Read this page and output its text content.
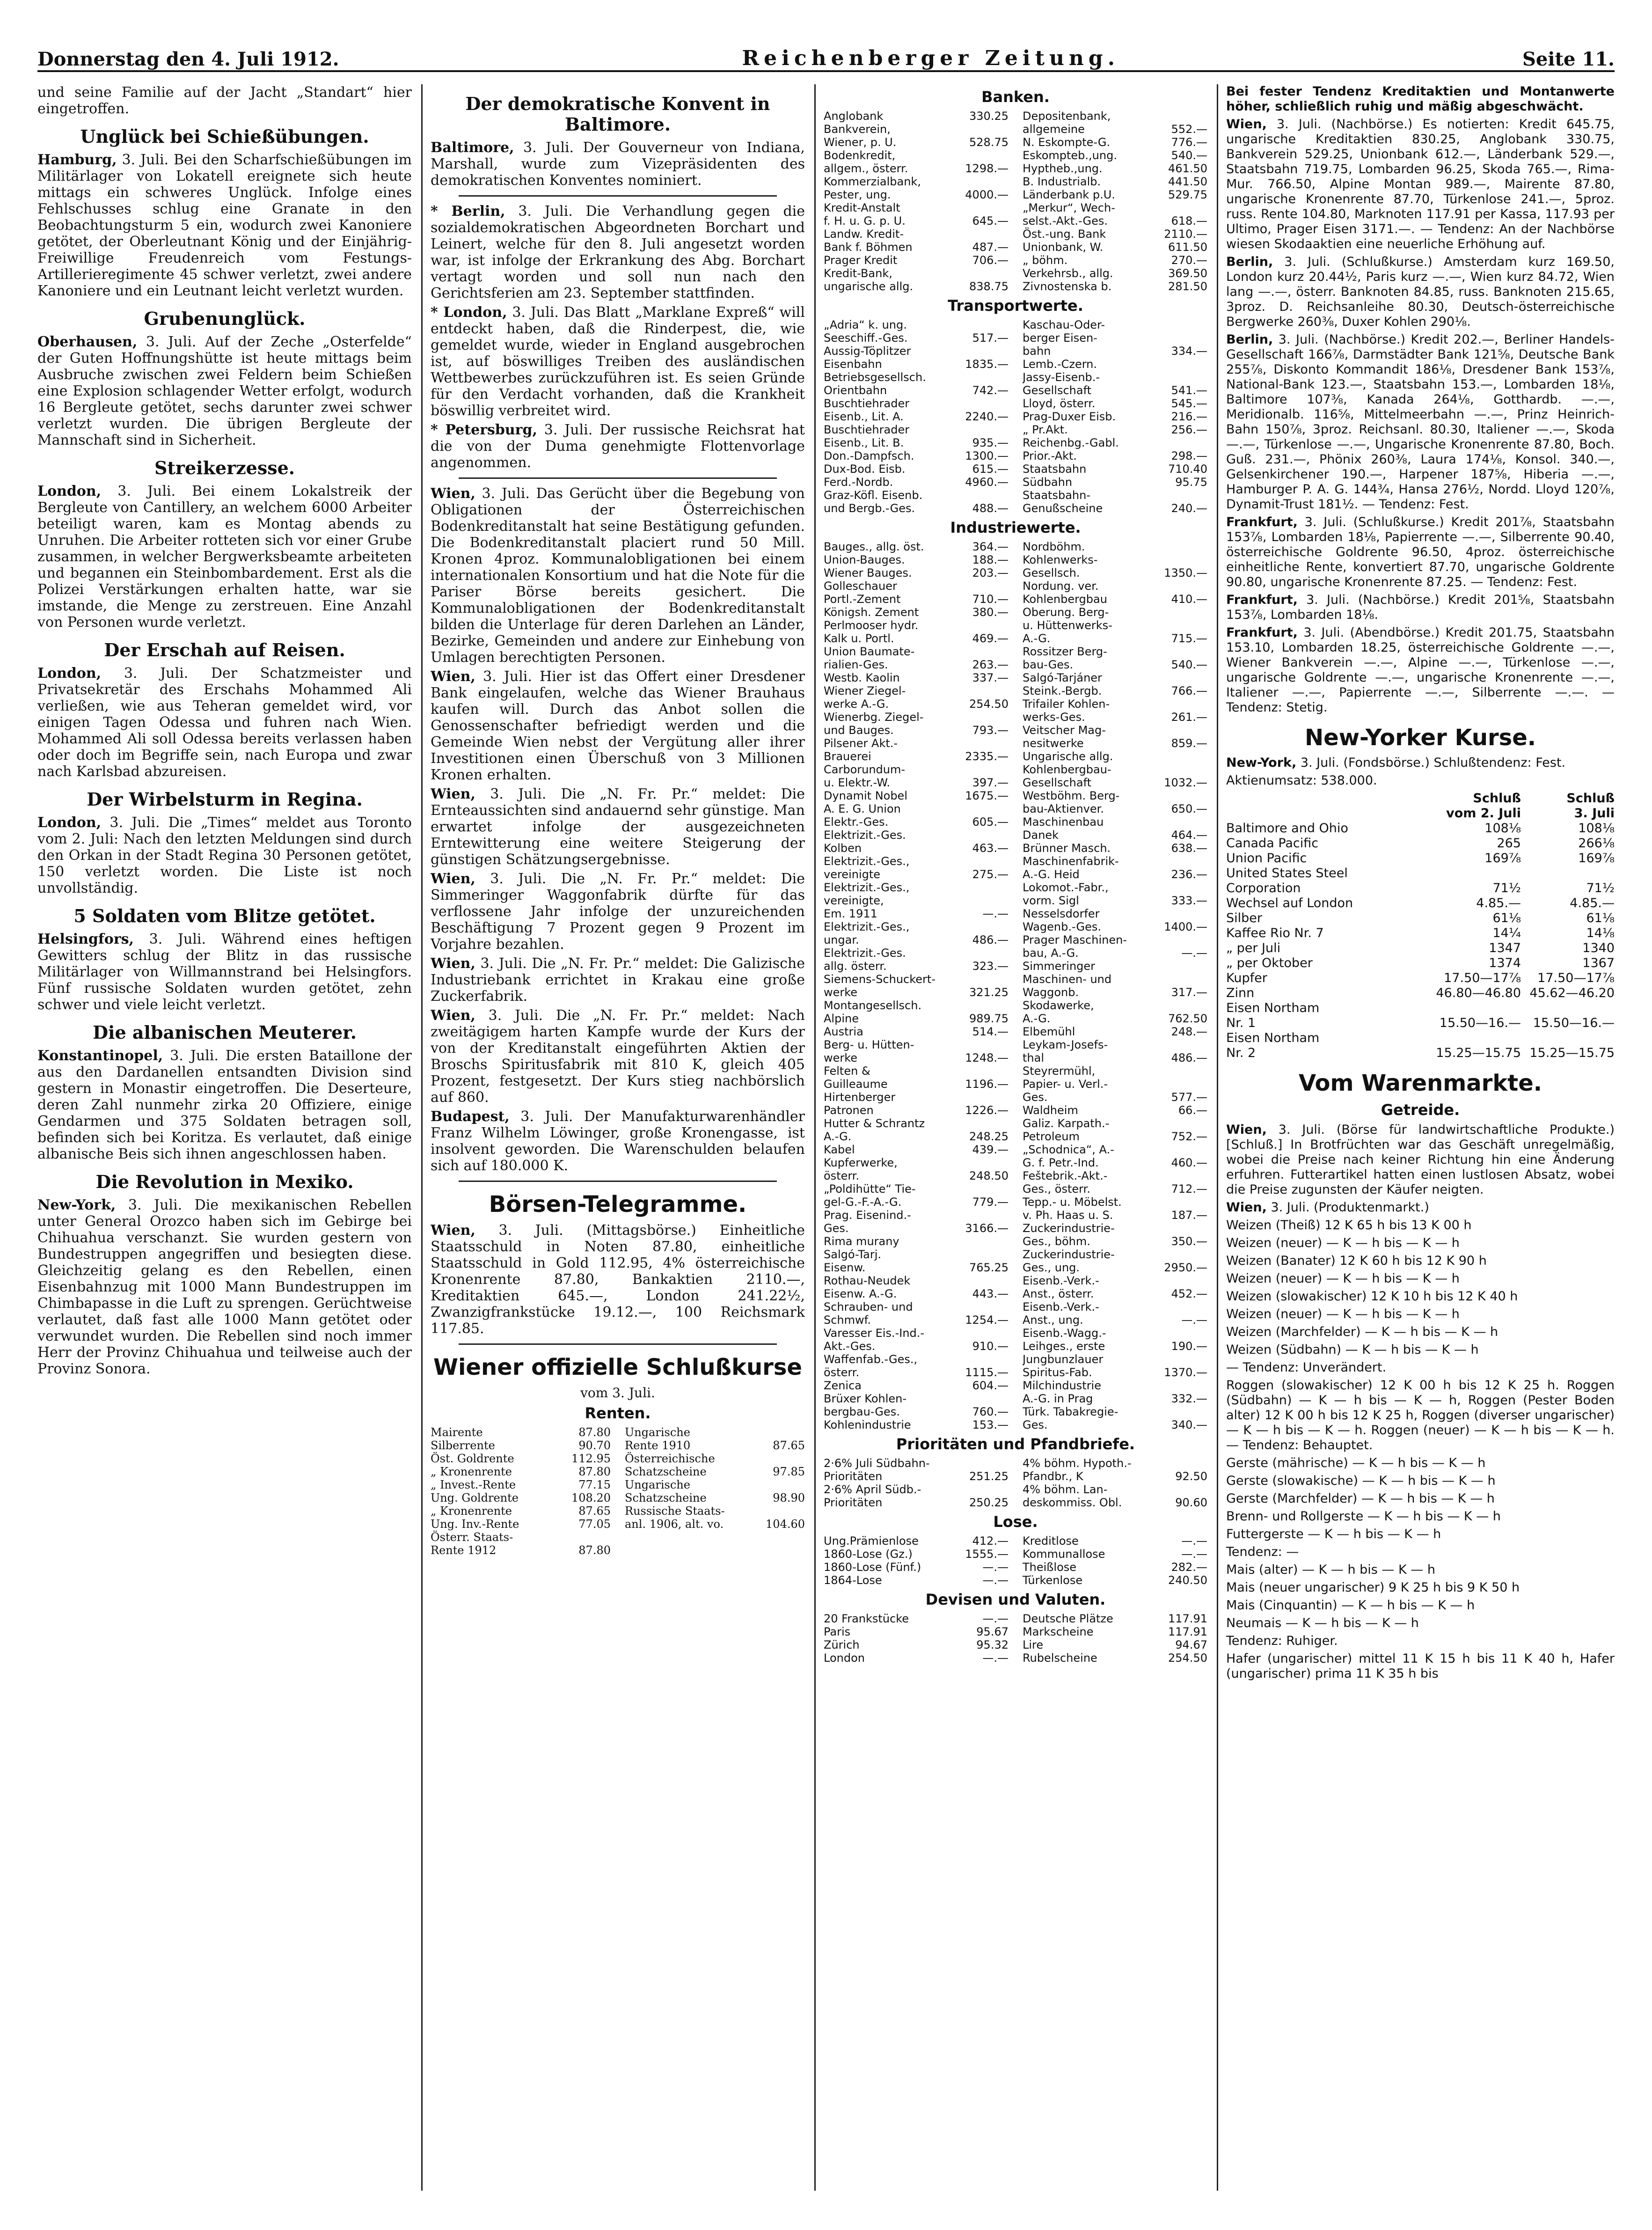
Donnerstag den 4. Juli 1912.	Reichenberger Zeitung.	Seite 11.

und seine Familie auf der Jacht „Standart“ hier eingetroffen.

Unglück bei Schießübungen.

Hamburg, 3. Juli. Bei den Scharfschießübungen im Militärlager von Lokatell ereignete sich heute mittags ein schweres Unglück. Infolge eines Fehlschusses schlug eine Granate in den Beobachtungsturm 5 ein, wodurch zwei Kanoniere getötet, der Oberleutnant König und der Einjährig-Freiwillige Freudenreich vom Festungs-Artillerieregimente 45 schwer verletzt, zwei andere Kanoniere und ein Leutnant leicht verletzt wurden.

Grubenunglück.

Oberhausen, 3. Juli. Auf der Zeche „Osterfelde“ der Guten Hoffnungshütte ist heute mittags beim Ausbruche zwischen zwei Feldern beim Schießen eine Explosion schlagender Wetter erfolgt, wodurch 16 Bergleute getötet, sechs darunter zwei schwer verletzt wurden. Die übrigen Bergleute der Mannschaft sind in Sicherheit.

Streikerzesse.

London, 3. Juli. Bei einem Lokalstreik der Bergleute von Cantillery, an welchem 6000 Arbeiter beteiligt waren, kam es Montag abends zu Unruhen. Die Arbeiter rotteten sich vor einer Grube zusammen, in welcher Bergwerksbeamte arbeiteten und begannen ein Steinbombardement. Erst als die Polizei Verstärkungen erhalten hatte, war sie imstande, die Menge zu zerstreuen. Eine Anzahl von Personen wurde verletzt.

Der Erschah auf Reisen.

London, 3. Juli. Der Schatzmeister und Privatsekretär des Erschahs Mohammed Ali verließen, wie aus Teheran gemeldet wird, vor einigen Tagen Odessa und fuhren nach Wien. Mohammed Ali soll Odessa bereits verlassen haben oder doch im Begriffe sein, nach Europa und zwar nach Karlsbad abzureisen.

Der Wirbelsturm in Regina.

London, 3. Juli. Die „Times“ meldet aus Toronto vom 2. Juli: Nach den letzten Meldungen sind durch den Orkan in der Stadt Regina 30 Personen getötet, 150 verletzt worden. Die Liste ist noch unvollständig.

5 Soldaten vom Blitze getötet.

Helsingfors, 3. Juli. Während eines heftigen Gewitters schlug der Blitz in das russische Militärlager von Willmannstrand bei Helsingfors. Fünf russische Soldaten wurden getötet, zehn schwer und viele leicht verletzt.

Die albanischen Meuterer.

Konstantinopel, 3. Juli. Die ersten Bataillone der aus den Dardanellen entsandten Division sind gestern in Monastir eingetroffen. Die Deserteure, deren Zahl nunmehr zirka 20 Offiziere, einige Gendarmen und 375 Soldaten betragen soll, befinden sich bei Koritza. Es verlautet, daß einige albanische Beis sich ihnen angeschlossen haben.

Die Revolution in Mexiko.

New-York, 3. Juli. Die mexikanischen Rebellen unter General Orozco haben sich im Gebirge bei Chihuahua verschanzt. Sie wurden gestern von Bundestruppen angegriffen und besiegten diese. Gleichzeitig gelang es den Rebellen, einen Eisenbahnzug mit 1000 Mann Bundestruppen im Chimbapasse in die Luft zu sprengen. Gerüchtweise verlautet, daß fast alle 1000 Mann getötet oder verwundet wurden. Die Rebellen sind noch immer Herr der Provinz Chihuahua und teilweise auch der Provinz Sonora.

Der demokratische Konvent in Baltimore.

Baltimore, 3. Juli. Der Gouverneur von Indiana, Marshall, wurde zum Vizepräsidenten des demokratischen Konventes nominiert.

* Berlin, 3. Juli. Die Verhandlung gegen die sozialdemokratischen Abgeordneten Borchart und Leinert, welche für den 8. Juli angesetzt worden war, ist infolge der Erkrankung des Abg. Borchart vertagt worden und soll nun nach den Gerichtsferien am 23. September stattfinden.

* London, 3. Juli. Das Blatt „Marklane Expreß“ will entdeckt haben, daß die Rinderpest, die, wie gemeldet wurde, wieder in England ausgebrochen ist, auf böswilliges Treiben des ausländischen Wettbewerbes zurückzuführen ist. Es seien Gründe für den Verdacht vorhanden, daß die Krankheit böswillig verbreitet wird.

* Petersburg, 3. Juli. Der russische Reichsrat hat die von der Duma genehmigte Flottenvorlage angenommen.

Wien, 3. Juli. Das Gerücht über die Begebung von Obligationen der Österreichischen Bodenkreditanstalt hat seine Bestätigung gefunden. Die Bodenkreditanstalt placiert rund 50 Mill. Kronen 4proz. Kommunalobligationen bei einem internationalen Konsortium und hat die Note für die Pariser Börse bereits gesichert. Die Kommunalobligationen der Bodenkreditanstalt bilden die Unterlage für deren Darlehen an Länder, Bezirke, Gemeinden und andere zur Einhebung von Umlagen berechtigten Personen.

Wien, 3. Juli. Hier ist das Offert einer Dresdener Bank eingelaufen, welche das Wiener Brauhaus kaufen will. Durch das Anbot sollen die Genossenschafter befriedigt werden und die Gemeinde Wien nebst der Vergütung aller ihrer Investitionen einen Überschuß von 3 Millionen Kronen erhalten.

Wien, 3. Juli. Die „N. Fr. Pr.“ meldet: Die Ernteaussichten sind andauernd sehr günstige. Man erwartet infolge der ausgezeichneten Erntewitterung eine weitere Steigerung der günstigen Schätzungsergebnisse.

Wien, 3. Juli. Die „N. Fr. Pr.“ meldet: Die Simmeringer Waggonfabrik dürfte für das verflossene Jahr infolge der unzureichenden Beschäftigung 7 Prozent gegen 9 Prozent im Vorjahre bezahlen.

Wien, 3. Juli. Die „N. Fr. Pr.“ meldet: Die Galizische Industriebank errichtet in Krakau eine große Zuckerfabrik.

Wien, 3. Juli. Die „N. Fr. Pr.“ meldet: Nach zweitägigem harten Kampfe wurde der Kurs der von der Kreditanstalt eingeführten Aktien der Broschs Spiritusfabrik mit 810 K, gleich 405 Prozent, festgesetzt. Der Kurs stieg nachbörslich auf 860.

Budapest, 3. Juli. Der Manufakturwarenhändler Franz Wilhelm Löwinger, große Kronengasse, ist insolvent geworden. Die Warenschulden belaufen sich auf 180.000 K.

Börsen-Telegramme.

Wien, 3. Juli. (Mittagsbörse.) Einheitliche Staatsschuld in Noten 87.80, einheitliche Staatsschuld in Gold 112.95, 4% österreichische Kronenrente 87.80, Bankaktien 2110.—, Kreditaktien 645.—, London 241.22½, Zwanzigfrankstücke 19.12.—, 100 Reichsmark 117.85.

Wiener offizielle Schlußkurse
vom 3. Juli.
Renten.
Mairente	87.80 Ungarische
Silberrente	90.70 Rente 1910	87.65
Öst. Goldrente	112.95 Österreichische
„ Kronenrente	87.80 Schatzscheine	97.85
„ Invest.-Rente	77.15 Ungarische
Ung. Goldrente	108.20 Schatzscheine	98.90
„ Kronenrente	87.65 Russische Staats-
Ung. Inv.-Rente	77.05 anl. 1906, alt. vo.	104.60
Österr. Staats-
Rente 1912	87.80
Banken.
Anglobank	330.25 Depositenbank,
Bankverein,	allgemeine	552.—
Wiener, p. U.	528.75 N. Eskompte-G.	776.—
Bodenkredit,	Eskompteb.,ung.	540.—
allgem., österr.	1298.— Hyptheb.,ung.	461.50
Kommerzialbank,	B. Industrialb.	441.50
Pester, ung.	4000.— Länderbank p.U.	529.75
Kredit-Anstalt	„Merkur“, Wech-
f. H. u. G. p. U.	645.— selst.-Akt.-Ges.	618.—
Landw. Kredit-	Öst.-ung. Bank	2110.—
Bank f. Böhmen	487.— Unionbank, W.	611.50
Prager Kredit	706.— „ böhm.	270.—
Kredit-Bank,	Verkehrsb., allg.	369.50
ungarische allg.	838.75 Zivnostenska b.	281.50
Transportwerte.
„Adria“ k. ung.	Kaschau-Oder-
Seeschiff.-Ges.	517.— berger Eisen-
Aussig-Töplitzer	bahn	334.—
Eisenbahn	1835.— Lemb.-Czern.
Betriebsgesellsch.	Jassy-Eisenb.-
Orientbahn	742.— Gesellschaft	541.—
Buschtiehrader	Lloyd, österr.	545.—
Eisenb., Lit. A.	2240.— Prag-Duxer Eisb.	216.—
Buschtiehrader	„ Pr.Akt.	256.—
Eisenb., Lit. B.	935.— Reichenbg.-Gabl.
Don.-Dampfsch.	1300.— Prior.-Akt.	298.—
Dux-Bod. Eisb.	615.— Staatsbahn	710.40
Ferd.-Nordb.	4960.— Südbahn	95.75
Graz-Köfl. Eisenb.	Staatsbahn-
und Bergb.-Ges.	488.— Genußscheine	240.—
Industriewerte.
Bauges., allg. öst.	364.— Nordböhm.
Union-Bauges.	188.— Kohlenwerks-
Wiener Bauges.	203.— Gesellsch.	1350.—
Golleschauer	Nordung. ver.
Portl.-Zement	710.— Kohlenbergbau	410.—
Königsh. Zement	380.— Oberung. Berg-
Perlmooser hydr.	u. Hüttenwerks-
Kalk u. Portl.	469.— A.-G.	715.—
Union Baumate-	Rossitzer Berg-
rialien-Ges.	263.— bau-Ges.	540.—
Westb. Kaolin	337.— Salgó-Tarjáner
Wiener Ziegel-	Steink.-Bergb.	766.—
werke A.-G.	254.50 Trifailer Kohlen-
Wienerbg. Ziegel-	werks-Ges.	261.—
und Bauges.	793.— Veitscher Mag-
Pilsener Akt.-	nesitwerke	859.—
Brauerei	2335.— Ungarische allg.
Carborundum-	Kohlenbergbau-
u. Elektr.-W.	397.— Gesellschaft	1032.—
Dynamit Nobel	1675.— Westböhm. Berg-
A. E. G. Union	bau-Aktienver.	650.—
Elektr.-Ges.	605.— Maschinenbau
Elektrizit.-Ges.	Danek	464.—
Kolben	463.— Brünner Masch.	638.—
Elektrizit.-Ges.,	Maschinenfabrik-
vereinigte	275.— A.-G. Heid	236.—
Elektrizit.-Ges.,	Lokomot.-Fabr.,
vereinigte,	vorm. Sigl	333.—
Em. 1911	—.— Nesselsdorfer
Elektrizit.-Ges.,	Wagenb.-Ges.	1400.—
ungar.	486.— Prager Maschinen-
Elektrizit.-Ges.	bau, A.-G.	—.—
allg. österr.	323.— Simmeringer
Siemens-Schuckert-	Maschinen- und
werke	321.25 Waggonb.	317.—
Montangesellsch.	Skodawerke,
Alpine	989.75 A.-G.	762.50
Austria	514.— Elbemühl	248.—
Berg- u. Hütten-	Leykam-Josefs-
werke	1248.— thal	486.—
Felten &	Steyrermühl,
Guilleaume	1196.— Papier- u. Verl.-
Hirtenberger	Ges.	577.—
Patronen	1226.— Waldheim	66.—
Hutter & Schrantz	Galiz. Karpath.-
A.-G.	248.25 Petroleum	752.—
Kabel	439.— „Schodnica“, A.-
Kupferwerke,	G. f. Petr.-Ind.	460.—
österr.	248.50 Feštebrik.-Akt.-
„Poldihütte“ Tie-	Ges., österr.	712.—
gel-G.-F.-A.-G.	779.— Tepp.- u. Möbelst.
Prag. Eisenind.-	v. Ph. Haas u. S.	187.—
Ges.	3166.— Zuckerindustrie-
Rima murany	Ges., böhm.	350.—
Salgó-Tarj.	Zuckerindustrie-
Eisenw.	765.25 Ges., ung.	2950.—
Rothau-Neudek	Eisenb.-Verk.-
Eisenw. A.-G.	443.— Anst., österr.	452.—
Schrauben- und	Eisenb.-Verk.-
Schmwf.	1254.— Anst., ung.	—.—
Varesser Eis.-Ind.-	Eisenb.-Wagg.-
Akt.-Ges.	910.— Leihges., erste	190.—
Waffenfab.-Ges.,	Jungbunzlauer
österr.	1115.— Spiritus-Fab.	1370.—
Zenica	604.— Milchindustrie
Brüxer Kohlen-	A.-G. in Prag	332.—
bergbau-Ges.	760.— Türk. Tabakregie-
Kohlenindustrie	153.— Ges.	340.—
Prioritäten und Pfandbriefe.
2·6% Juli Südbahn-	4% böhm. Hypoth.-
Prioritäten	251.25 Pfandbr., K	92.50
2·6% April Südb.-	4% böhm. Lan-
Prioritäten	250.25 deskommiss. Obl.	90.60
Lose.
Ung.Prämienlose	412.— Kreditlose	—.—
1860-Lose (Gz.)	1555.— Kommunallose	—.—
1860-Lose (Fünf.)	—.— Theißlose	282.—
1864-Lose	—.— Türkenlose	240.50
Devisen und Valuten.
20 Frankstücke	—.— Deutsche Plätze	117.91
Paris	95.67 Markscheine	117.91
Zürich	95.32 Lire	94.67
London	—.— Rubelscheine	254.50

Bei fester Tendenz Kreditaktien und Montanwerte höher, schließlich ruhig und mäßig abgeschwächt.

Wien, 3. Juli. (Nachbörse.) Es notierten: Kredit 645.75, ungarische Kreditaktien 830.25, Anglobank 330.75, Bankverein 529.25, Unionbank 612.—, Länderbank 529.—, Staatsbahn 719.75, Lombarden 96.25, Skoda 765.—, Rima-Mur. 766.50, Alpine Montan 989.—, Mairente 87.80, ungarische Kronenrente 87.70, Türkenlose 241.—, 5proz. russ. Rente 104.80, Marknoten 117.91 per Kassa, 117.93 per Ultimo, Prager Eisen 3171.—. — Tendenz: An der Nachbörse wiesen Skodaaktien eine neuerliche Erhöhung auf.

Berlin, 3. Juli. (Schlußkurse.) Amsterdam kurz 169.50, London kurz 20.44½, Paris kurz —.—, Wien kurz 84.72, Wien lang —.—, österr. Banknoten 84.85, russ. Banknoten 215.65, 3proz. D. Reichsanleihe 80.30, Deutsch-österreichische Bergwerke 260⅜, Duxer Kohlen 290⅛.

Berlin, 3. Juli. (Nachbörse.) Kredit 202.—, Berliner Handels-Gesellschaft 166⅞, Darmstädter Bank 121⅝, Deutsche Bank 255⅞, Diskonto Kommandit 186⅛, Dresdener Bank 153⅞, National-Bank 123.—, Staatsbahn 153.—, Lombarden 18⅛, Baltimore 107⅜, Kanada 264⅛, Gotthardb. —.—, Meridionalb. 116⅝, Mittelmeerbahn —.—, Prinz Heinrich-Bahn 150⅞, 3proz. Reichsanl. 80.30, Italiener —.—, Skoda —.—, Türkenlose —.—, Ungarische Kronenrente 87.80, Boch. Guß. 231.—, Phönix 260⅜, Laura 174⅛, Konsol. 340.—, Gelsenkirchener 190.—, Harpener 187⅝, Hiberia —.—, Hamburger P. A. G. 144¾, Hansa 276½, Nordd. Lloyd 120⅞, Dynamit-Trust 181½. — Tendenz: Fest.

Frankfurt, 3. Juli. (Schlußkurse.) Kredit 201⅞, Staatsbahn 153⅞, Lombarden 18⅛, Papierrente —.—, Silberrente 90.40, österreichische Goldrente 96.50, 4proz. österreichische einheitliche Rente, konvertiert 87.70, ungarische Goldrente 90.80, ungarische Kronenrente 87.25. — Tendenz: Fest.

Frankfurt, 3. Juli. (Nachbörse.) Kredit 201⅝, Staatsbahn 153⅞, Lombarden 18⅛.

Frankfurt, 3. Juli. (Abendbörse.) Kredit 201.75, Staatsbahn 153.10, Lombarden 18.25, österreichische Goldrente —.—, Wiener Bankverein —.—, Alpine —.—, Türkenlose —.—, ungarische Goldrente —.—, ungarische Kronenrente —.—, Italiener —.—, Papierrente —.—, Silberrente —.—. — Tendenz: Stetig.

New-Yorker Kurse.

New-York, 3. Juli. (Fondsbörse.) Schlußtendenz: Fest.

Aktienumsatz: 538.000.

Schluß	Schluß
vom 2. Juli	3. Juli
Baltimore and Ohio	108⅛	108⅛
Canada Pacific	265	266⅛
Union Pacific	169⅞	169⅞
United States Steel
Corporation	71½	71½
Wechsel auf London	4.85.—	4.85.—
Silber	61⅛	61⅛
Kaffee Rio Nr. 7	14¼	14⅛
„ per Juli	1347	1340
„ per Oktober	1374	1367
Kupfer	17.50—17⅞	17.50—17⅞
Zinn	46.80—46.80 45.62—46.20
Eisen Northam
Nr. 1	15.50—16.— 15.50—16.—
Eisen Northam
Nr. 2	15.25—15.75 15.25—15.75
Vom Warenmarkte.
Getreide.

Wien, 3. Juli. (Börse für landwirtschaftliche Produkte.) [Schluß.] In Brotfrüchten war das Geschäft unregelmäßig, wobei die Preise nach keiner Richtung hin eine Änderung erfuhren. Futterartikel hatten einen lustlosen Absatz, wobei die Preise zugunsten der Käufer neigten.

Wien, 3. Juli. (Produktenmarkt.)

Weizen (Theiß) 12 K 65 h bis 13 K 00 h

Weizen (neuer) — K — h bis — K — h

Weizen (Banater) 12 K 60 h bis 12 K 90 h

Weizen (neuer) — K — h bis — K — h

Weizen (slowakischer) 12 K 10 h bis 12 K 40 h

Weizen (neuer) — K — h bis — K — h

Weizen (Marchfelder) — K — h bis — K — h

Weizen (Südbahn) — K — h bis — K — h

— Tendenz: Unverändert.

Roggen (slowakischer) 12 K 00 h bis 12 K 25 h. Roggen (Südbahn) — K — h bis — K — h, Roggen (Pester Boden alter) 12 K 00 h bis 12 K 25 h, Roggen (diverser ungarischer) — K — h bis — K — h. Roggen (neuer) — K — h bis — K — h. — Tendenz: Behauptet.

Gerste (mährische) — K — h bis — K — h

Gerste (slowakische) — K — h bis — K — h

Gerste (Marchfelder) — K — h bis — K — h

Brenn- und Rollgerste — K — h bis — K — h

Futtergerste — K — h bis — K — h

Tendenz: —

Mais (alter) — K — h bis — K — h

Mais (neuer ungarischer) 9 K 25 h bis 9 K 50 h

Mais (Cinquantin) — K — h bis — K — h

Neumais — K — h bis — K — h

Tendenz: Ruhiger.

Hafer (ungarischer) mittel 11 K 15 h bis 11 K 40 h, Hafer (ungarischer) prima 11 K 35 h bis
